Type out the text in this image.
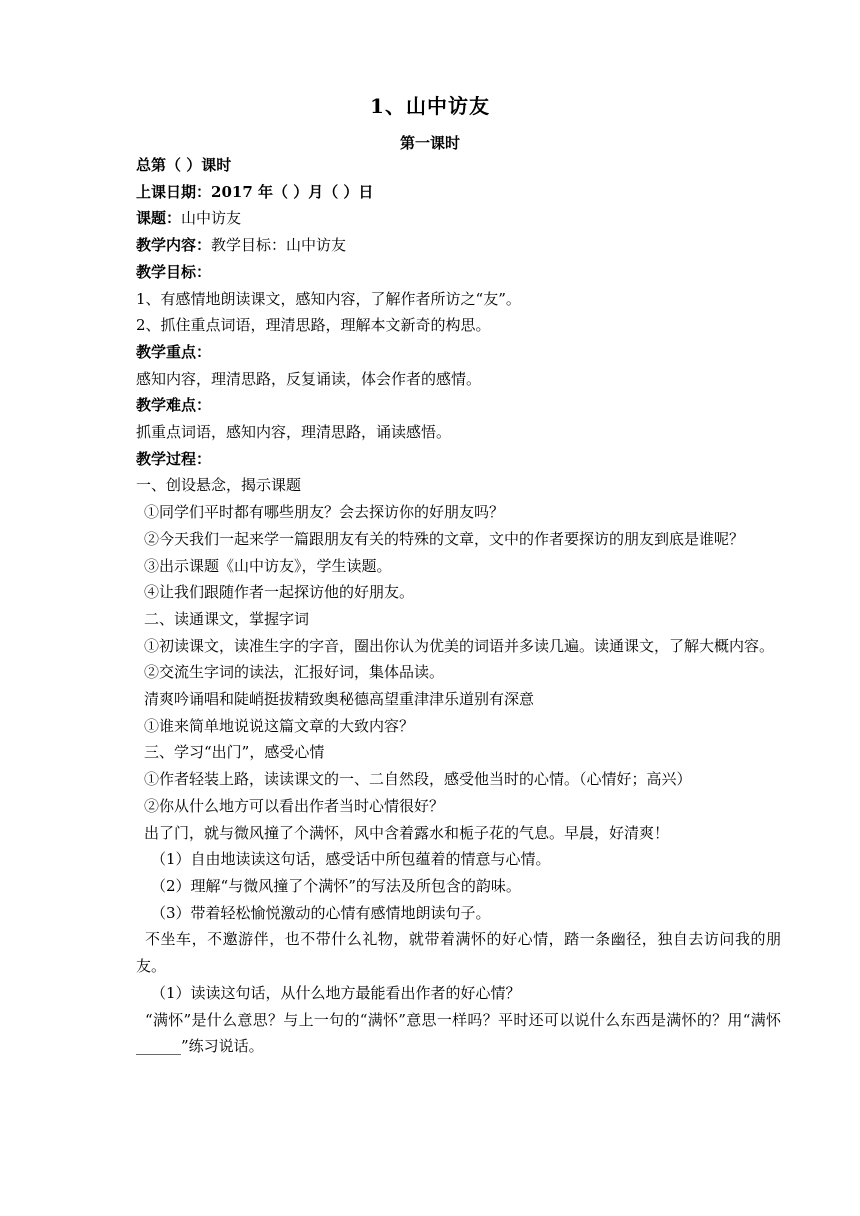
1、山中访友
第一课时

总第（ ）课时

上课日期：2017 年（ ）月（ ）日

课题：山中访友

教学内容：教学目标：山中访友

教学目标：

1、有感情地朗读课文，感知内容，了解作者所访之“友”。

2、抓住重点词语，理清思路，理解本文新奇的构思。

教学重点：

感知内容，理清思路，反复诵读，体会作者的感情。

教学难点：

抓重点词语，感知内容，理清思路，诵读感悟。

教学过程：

一、创设悬念，揭示课题

①同学们平时都有哪些朋友？会去探访你的好朋友吗？

②今天我们一起来学一篇跟朋友有关的特殊的文章，文中的作者要探访的朋友到底是谁呢？

③出示课题《山中访友》，学生读题。

④让我们跟随作者一起探访他的好朋友。

二、读通课文，掌握字词

①初读课文，读准生字的字音，圈出你认为优美的词语并多读几遍。读通课文，了解大概内容。

②交流生字词的读法，汇报好词，集体品读。

清爽吟诵唱和陡峭挺拔精致奥秘德高望重津津乐道别有深意

①谁来简单地说说这篇文章的大致内容？

三、学习“出门”，感受心情

①作者轻装上路，读读课文的一、二自然段，感受他当时的心情。（心情好；高兴）

②你从什么地方可以看出作者当时心情很好？

出了门，就与微风撞了个满怀，风中含着露水和栀子花的气息。早晨，好清爽！

（1）自由地读读这句话，感受话中所包蕴着的情意与心情。

（2）理解“与微风撞了个满怀”的写法及所包含的韵味。

（3）带着轻松愉悦激动的心情有感情地朗读句子。

不坐车，不邀游伴，也不带什么礼物，就带着满怀的好心情，踏一条幽径，独自去访问我的朋友。

（1）读读这句话，从什么地方最能看出作者的好心情？

“满怀”是什么意思？与上一句的“满怀”意思一样吗？平时还可以说什么东西是满怀的？用“满怀______”练习说话。
